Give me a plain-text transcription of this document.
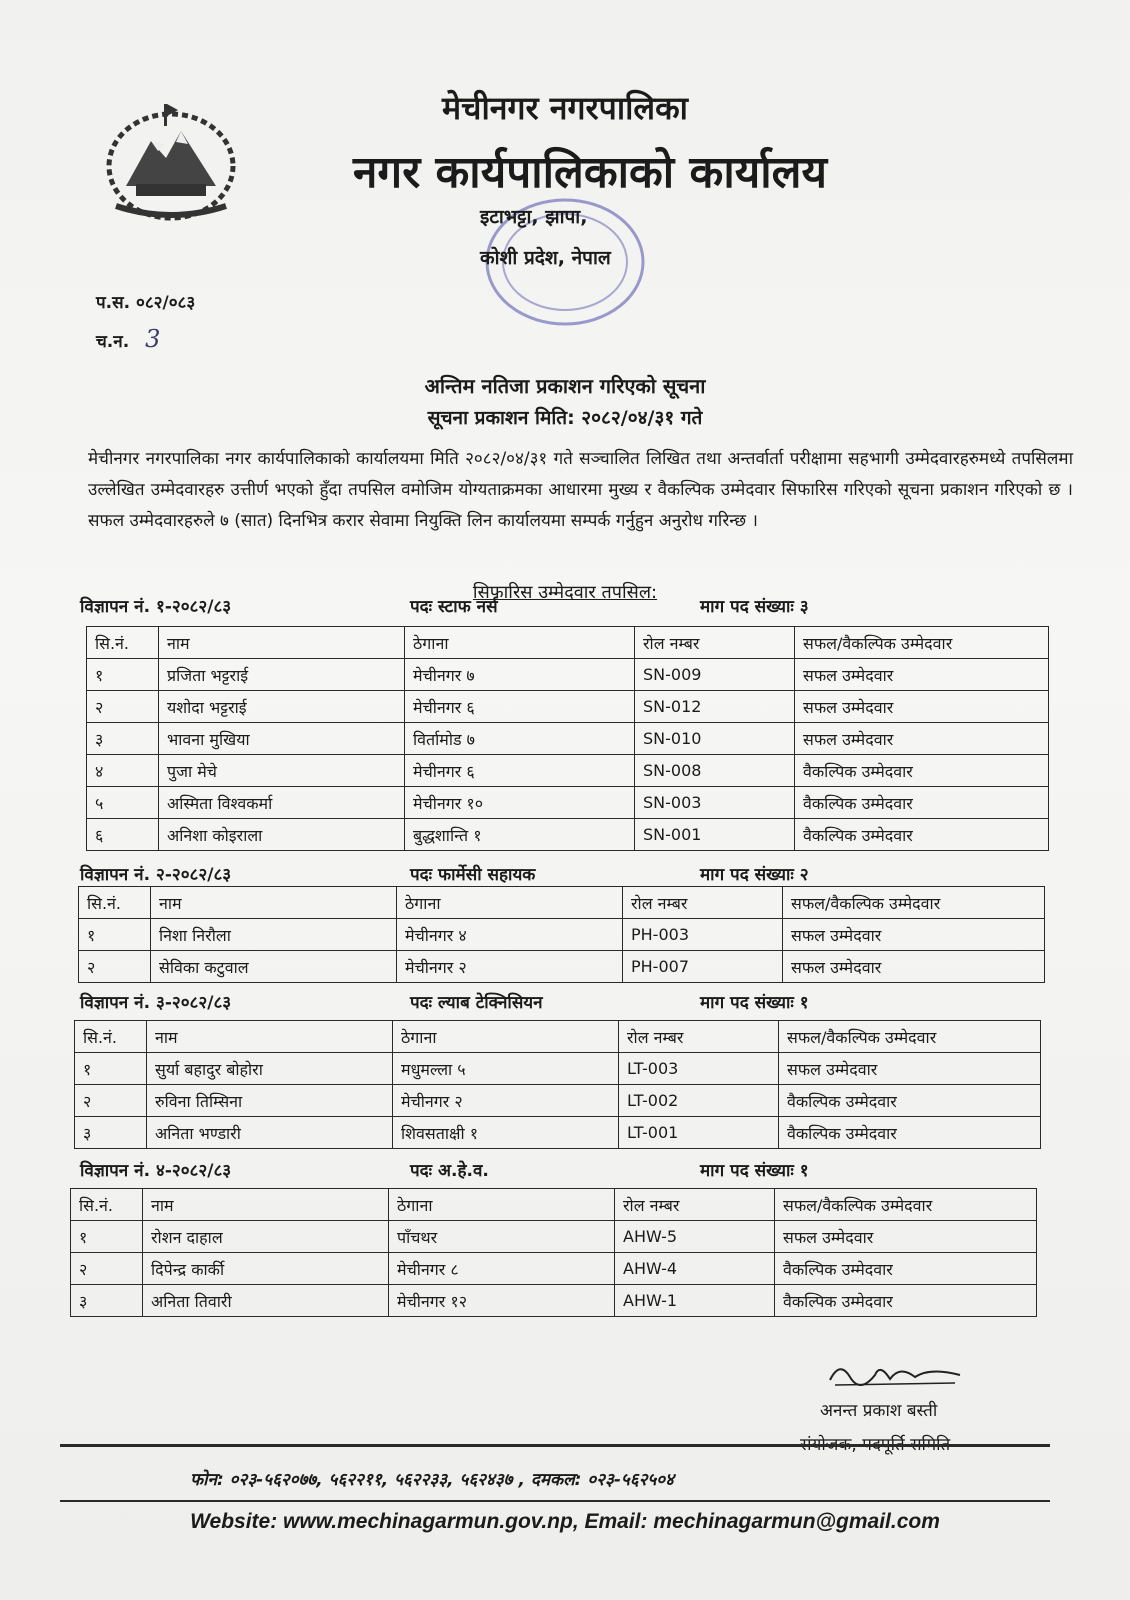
मेचीनगर नगरपालिका
नगर कार्यपालिकाको कार्यालय
इटाभट्टा, झापा,
कोशी प्रदेश, नेपाल
प.स. ०८२/०८३
च.न. 3
अन्तिम नतिजा प्रकाशन गरिएको सूचना
सूचना प्रकाशन मिति: २०८२/०४/३१ गते
मेचीनगर नगरपालिका नगर कार्यपालिकाको कार्यालयमा मिति २०८२/०४/३१ गते सञ्चालित लिखित तथा अन्तर्वार्ता परीक्षामा सहभागी उम्मेदवारहरुमध्ये तपसिलमा उल्लेखित उम्मेदवारहरु उत्तीर्ण भएको हुँदा तपसिल वमोजिम योग्यताक्रमका आधारमा मुख्य र वैकल्पिक उम्मेदवार सिफारिस गरिएको सूचना प्रकाशन गरिएको छ । सफल उम्मेदवारहरुले ७ (सात) दिनभित्र करार सेवामा नियुक्ति लिन कार्यालयमा सम्पर्क गर्नुहुन अनुरोध गरिन्छ ।
सिफारिस उम्मेदवार तपसिल:
विज्ञापन नं. १-२०८२/८३	पदः स्टाफ नर्स	माग पद संख्याः ३
सि.नं.	नाम	ठेगाना	रोल नम्बर	सफल/वैकल्पिक उम्मेदवार
१	प्रजिता भट्टराई	मेचीनगर ७	SN-009	सफल उम्मेदवार
२	यशोदा भट्टराई	मेचीनगर ६	SN-012	सफल उम्मेदवार
३	भावना मुखिया	विर्तामोड ७	SN-010	सफल उम्मेदवार
४	पुजा मेचे	मेचीनगर ६	SN-008	वैकल्पिक उम्मेदवार
५	अस्मिता विश्वकर्मा	मेचीनगर १०	SN-003	वैकल्पिक उम्मेदवार
६	अनिशा कोइराला	बुद्धशान्ति १	SN-001	वैकल्पिक उम्मेदवार
विज्ञापन नं. २-२०८२/८३	पदः फार्मेसी सहायक	माग पद संख्याः २
सि.नं.	नाम	ठेगाना	रोल नम्बर	सफल/वैकल्पिक उम्मेदवार
१	निशा निरौला	मेचीनगर ४	PH-003	सफल उम्मेदवार
२	सेविका कटुवाल	मेचीनगर २	PH-007	सफल उम्मेदवार
विज्ञापन नं. ३-२०८२/८३	पदः ल्याब टेक्निसियन	माग पद संख्याः १
सि.नं.	नाम	ठेगाना	रोल नम्बर	सफल/वैकल्पिक उम्मेदवार
१	सुर्या बहादुर बोहोरा	मधुमल्ला ५	LT-003	सफल उम्मेदवार
२	रुविना तिम्सिना	मेचीनगर २	LT-002	वैकल्पिक उम्मेदवार
३	अनिता भण्डारी	शिवसताक्षी १	LT-001	वैकल्पिक उम्मेदवार
विज्ञापन नं. ४-२०८२/८३	पदः अ.हे.व.	माग पद संख्याः १
सि.नं.	नाम	ठेगाना	रोल नम्बर	सफल/वैकल्पिक उम्मेदवार
१	रोशन दाहाल	पाँचथर	AHW-5	सफल उम्मेदवार
२	दिपेन्द्र कार्की	मेचीनगर ८	AHW-4	वैकल्पिक उम्मेदवार
३	अनिता तिवारी	मेचीनगर १२	AHW-1	वैकल्पिक उम्मेदवार
अनन्त प्रकाश बस्ती
संयोजक, पदपूर्ति समिति
फोन: ०२३-५६२०७७, ५६२२११, ५६२२३३, ५६२४३७ , दमकल: ०२३-५६२५०४
Website: www.mechinagarmun.gov.np, Email: mechinagarmun@gmail.com
